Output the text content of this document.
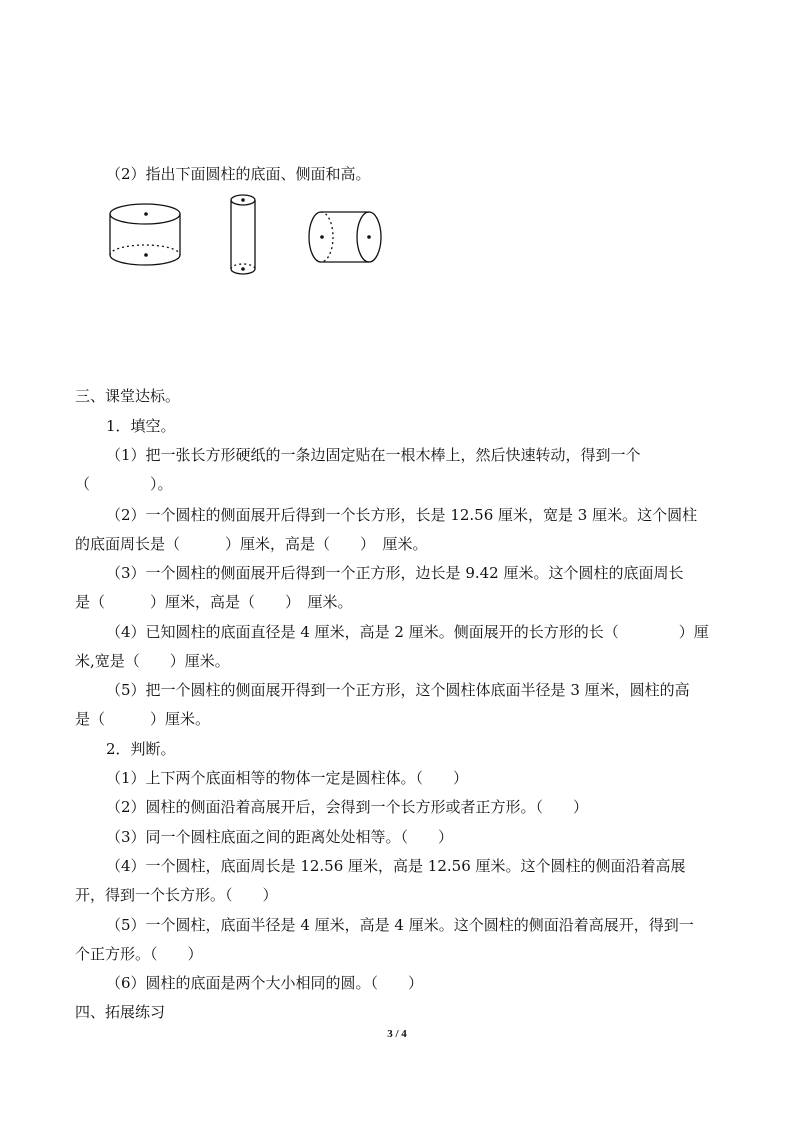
（2）指出下面圆柱的底面、侧面和高。
三、课堂达标。
1．填空。
（1）把一张长方形硬纸的一条边固定贴在一根木棒上，然后快速转动，得到一个
（　　　　）。
（2）一个圆柱的侧面展开后得到一个长方形，长是 12.56 厘米，宽是 3 厘米。这个圆柱
的底面周长是（　　　）厘米，高是（　　）　厘米。
（3）一个圆柱的侧面展开后得到一个正方形，边长是 9.42 厘米。这个圆柱的底面周长
是（　　　）厘米，高是（　　）　厘米。
（4）已知圆柱的底面直径是 4 厘米，高是 2 厘米。侧面展开的长方形的长（　　　　）厘
米,宽是（　　）厘米。
（5）把一个圆柱的侧面展开得到一个正方形，这个圆柱体底面半径是 3 厘米，圆柱的高
是（　　　）厘米。
2．判断。
（1）上下两个底面相等的物体一定是圆柱体。（　　）
（2）圆柱的侧面沿着高展开后，会得到一个长方形或者正方形。（　　）
（3）同一个圆柱底面之间的距离处处相等。（　　）
（4）一个圆柱，底面周长是 12.56 厘米，高是 12.56 厘米。这个圆柱的侧面沿着高展
开，得到一个长方形。（　　）
（5）一个圆柱，底面半径是 4 厘米，高是 4 厘米。这个圆柱的侧面沿着高展开，得到一
个正方形。（　　）
（6）圆柱的底面是两个大小相同的圆。（　　）
四、拓展练习
3 / 4
